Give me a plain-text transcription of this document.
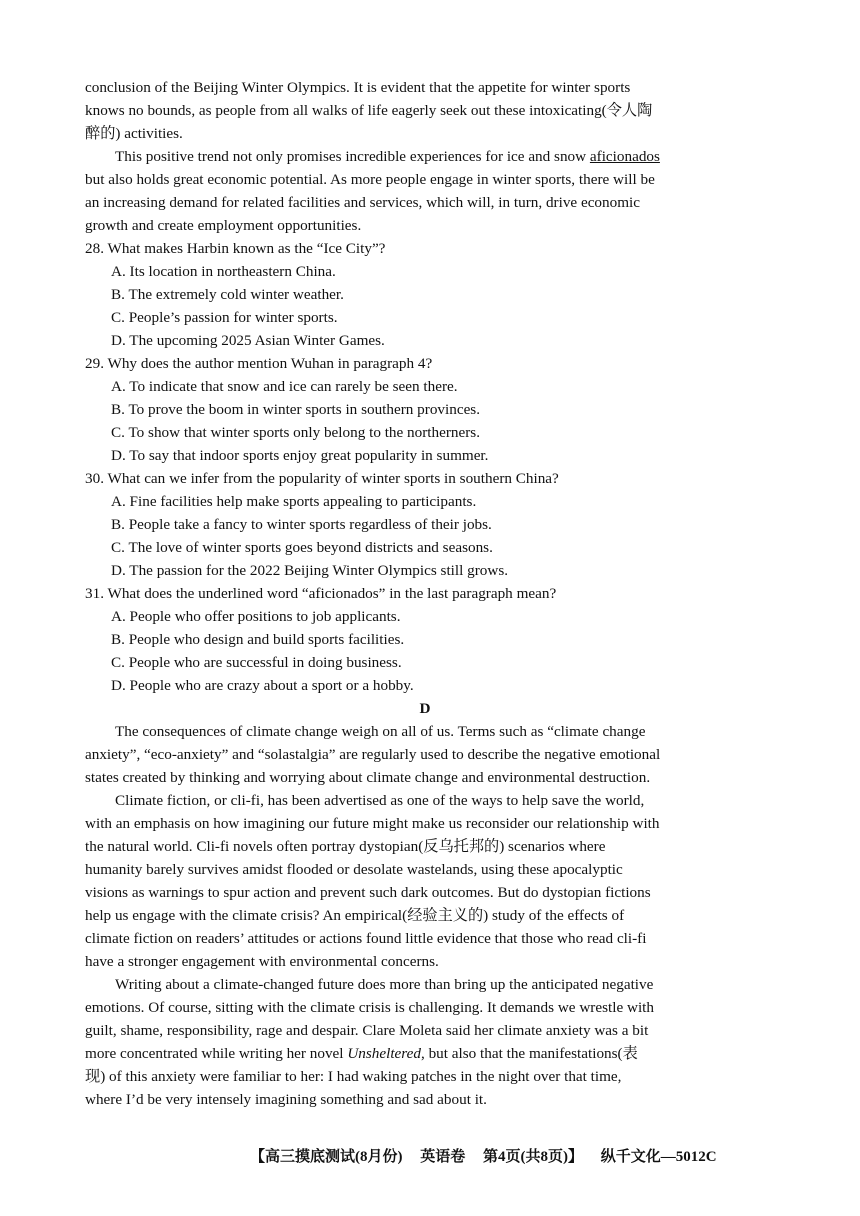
conclusion of the Beijing Winter Olympics. It is evident that the appetite for winter sports
knows no bounds, as people from all walks of life eagerly seek out these intoxicating(令人陶
醉的) activities.
This positive trend not only promises incredible experiences for ice and snow aficionados
but also holds great economic potential. As more people engage in winter sports, there will be
an increasing demand for related facilities and services, which will, in turn, drive economic
growth and create employment opportunities.
28. What makes Harbin known as the “Ice City”?
A. Its location in northeastern China.
B. The extremely cold winter weather.
C. People’s passion for winter sports.
D. The upcoming 2025 Asian Winter Games.
29. Why does the author mention Wuhan in paragraph 4?
A. To indicate that snow and ice can rarely be seen there.
B. To prove the boom in winter sports in southern provinces.
C. To show that winter sports only belong to the northerners.
D. To say that indoor sports enjoy great popularity in summer.
30. What can we infer from the popularity of winter sports in southern China?
A. Fine facilities help make sports appealing to participants.
B. People take a fancy to winter sports regardless of their jobs.
C. The love of winter sports goes beyond districts and seasons.
D. The passion for the 2022 Beijing Winter Olympics still grows.
31. What does the underlined word “aficionados” in the last paragraph mean?
A. People who offer positions to job applicants.
B. People who design and build sports facilities.
C. People who are successful in doing business.
D. People who are crazy about a sport or a hobby.
D
The consequences of climate change weigh on all of us. Terms such as “climate change
anxiety”, “eco-anxiety” and “solastalgia” are regularly used to describe the negative emotional
states created by thinking and worrying about climate change and environmental destruction.
Climate fiction, or cli-fi, has been advertised as one of the ways to help save the world,
with an emphasis on how imagining our future might make us reconsider our relationship with
the natural world. Cli-fi novels often portray dystopian(反乌托邦的) scenarios where
humanity barely survives amidst flooded or desolate wastelands, using these apocalyptic
visions as warnings to spur action and prevent such dark outcomes. But do dystopian fictions
help us engage with the climate crisis? An empirical(经验主义的) study of the effects of
climate fiction on readers’ attitudes or actions found little evidence that those who read cli-fi
have a stronger engagement with environmental concerns.
Writing about a climate-changed future does more than bring up the anticipated negative
emotions. Of course, sitting with the climate crisis is challenging. It demands we wrestle with
guilt, shame, responsibility, rage and despair. Clare Moleta said her climate anxiety was a bit
more concentrated while writing her novel Unsheltered, but also that the manifestations(表
现) of this anxiety were familiar to her: I had waking patches in the night over that time,
where I’d be very intensely imagining something and sad about it.
【高三摸底测试(8月份) 英语卷 第4页(共8页)】 纵千文化—5012C
